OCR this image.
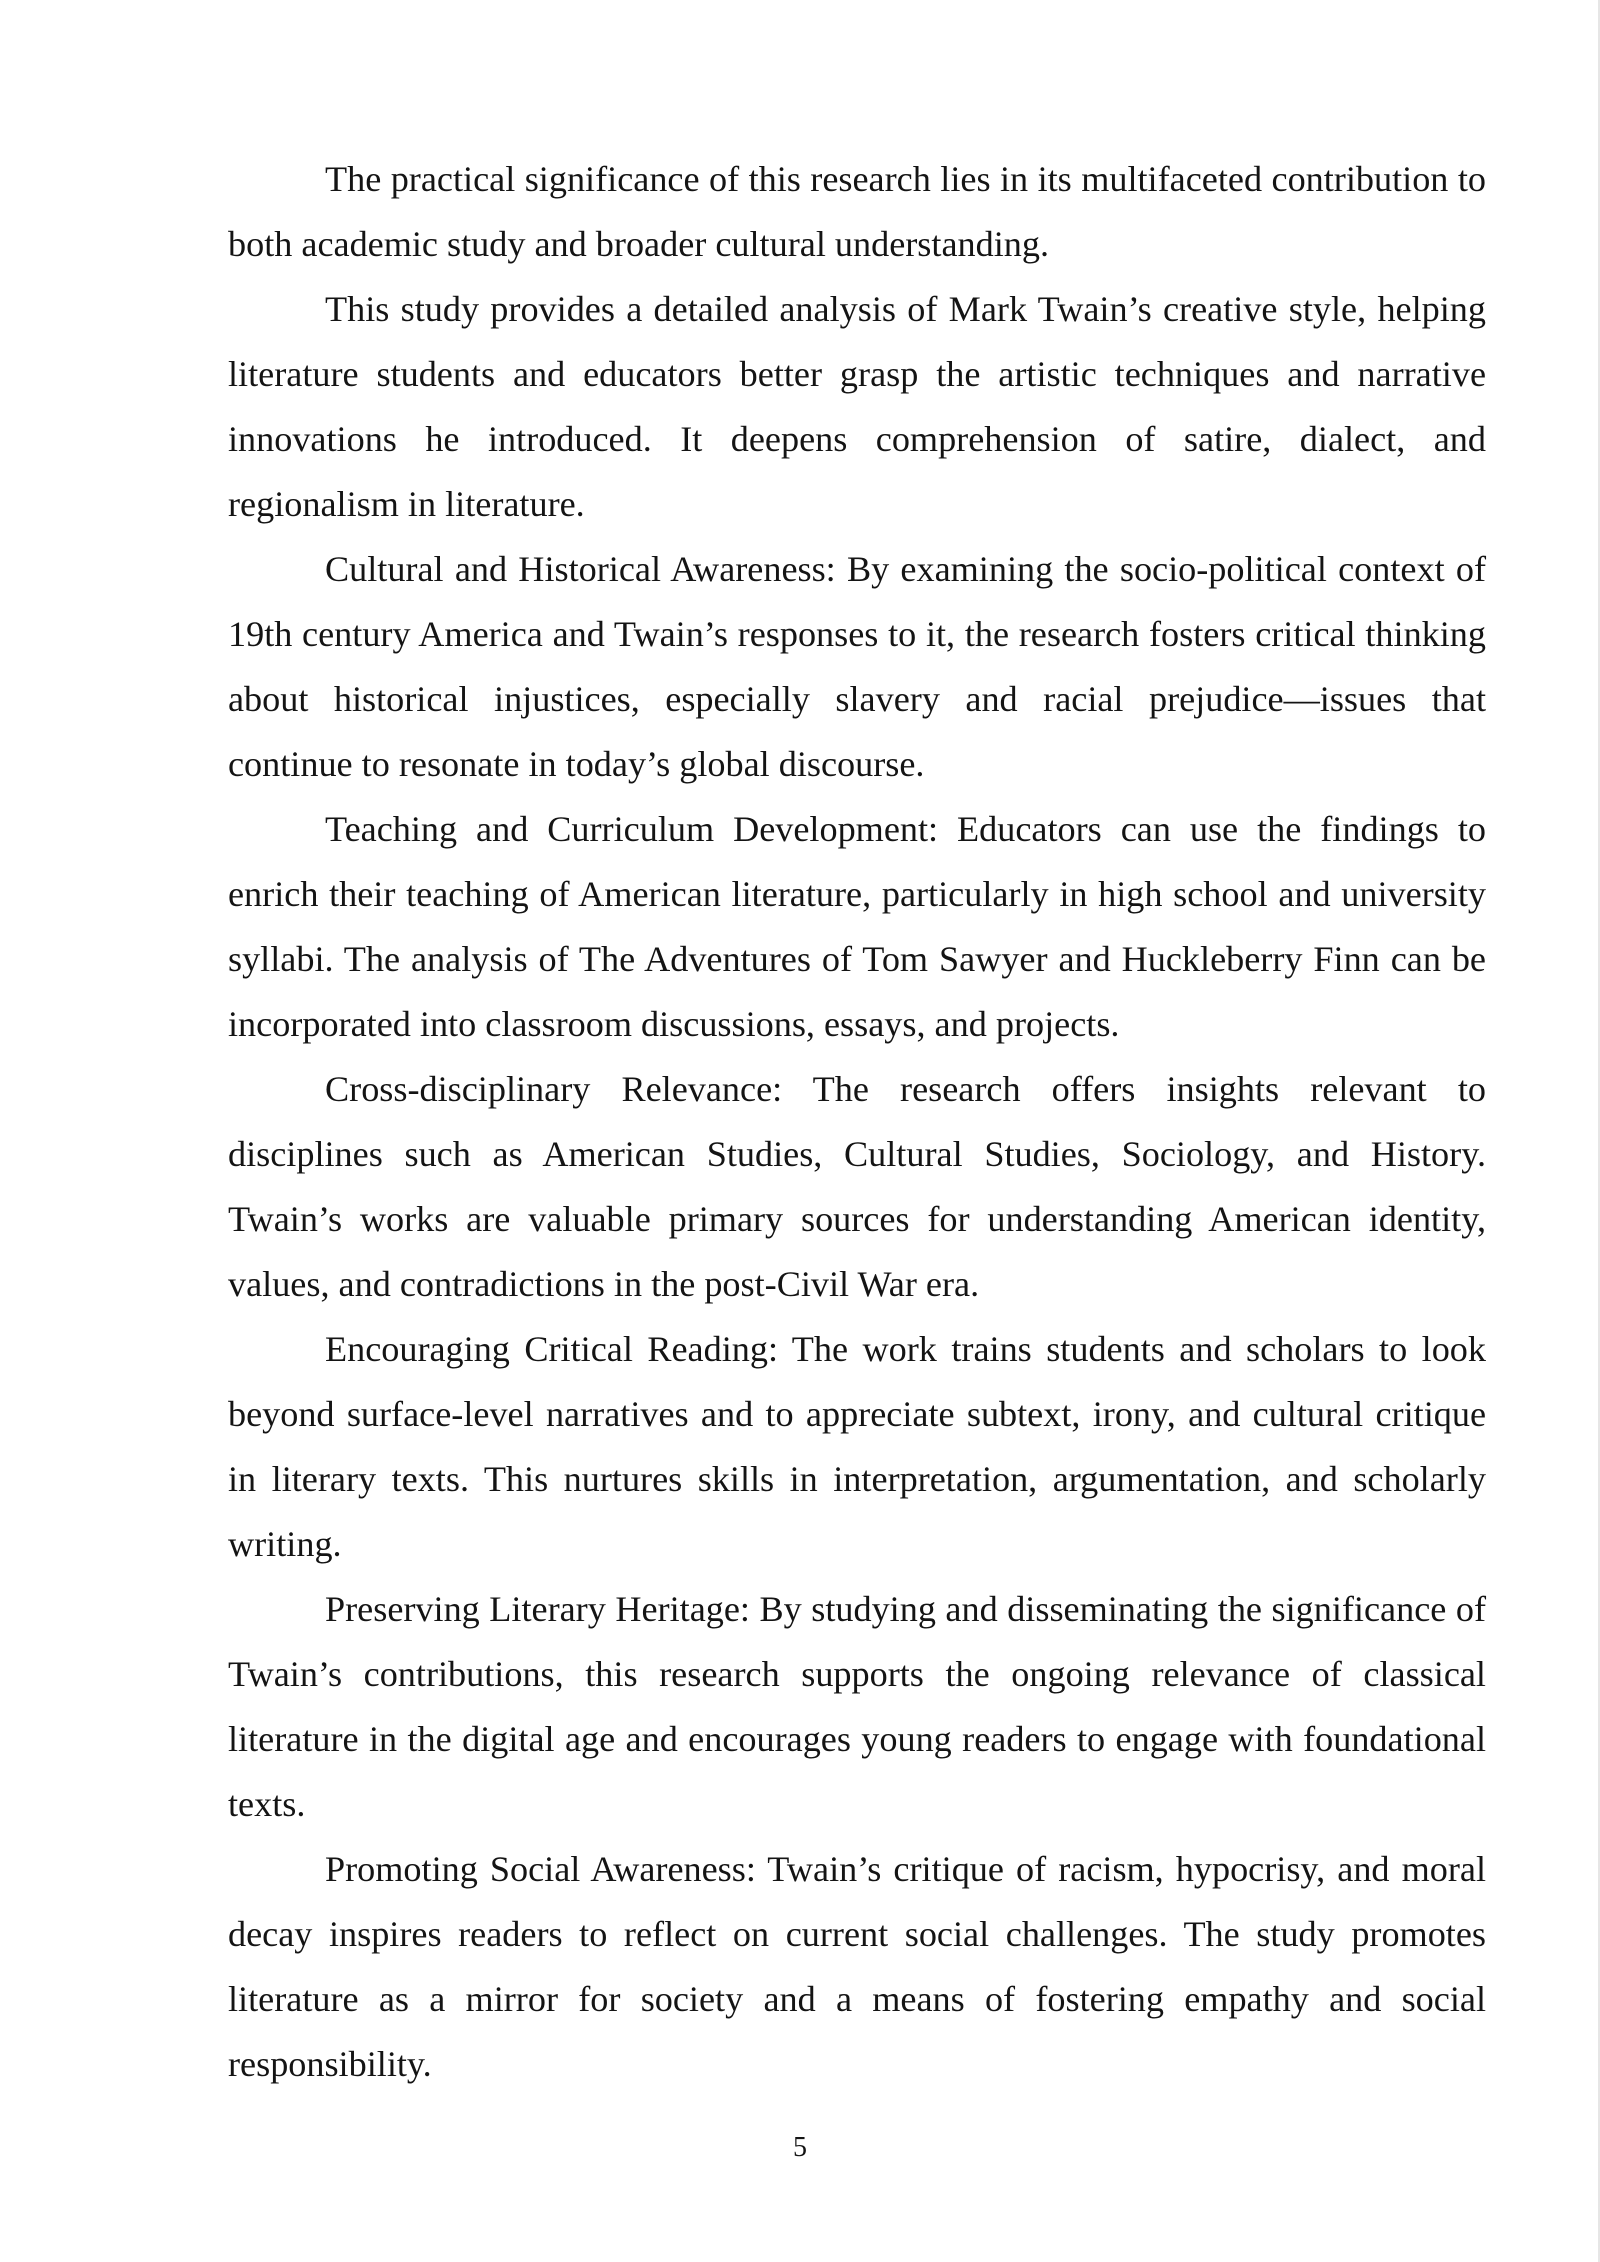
The practical significance of this research lies in its multifaceted contribution to both academic study and broader cultural understanding.

This study provides a detailed analysis of Mark Twain’s creative style, helping literature students and educators better grasp the artistic techniques and narrative innovations he introduced. It deepens comprehension of satire, dialect, and regionalism in literature.

Cultural and Historical Awareness: By examining the socio-political context of 19th century America and Twain’s responses to it, the research fosters critical thinking about historical injustices, especially slavery and racial prejudice—issues that continue to resonate in today’s global discourse.

Teaching and Curriculum Development: Educators can use the findings to enrich their teaching of American literature, particularly in high school and university syllabi. The analysis of The Adventures of Tom Sawyer and Huckleberry Finn can be incorporated into classroom discussions, essays, and projects.

Cross-disciplinary Relevance: The research offers insights relevant to disciplines such as American Studies, Cultural Studies, Sociology, and History. Twain’s works are valuable primary sources for understanding American identity, values, and contradictions in the post-Civil War era.

Encouraging Critical Reading: The work trains students and scholars to look beyond surface-level narratives and to appreciate subtext, irony, and cultural critique in literary texts. This nurtures skills in interpretation, argumentation, and scholarly writing.

Preserving Literary Heritage: By studying and disseminating the significance of Twain’s contributions, this research supports the ongoing relevance of classical literature in the digital age and encourages young readers to engage with foundational texts.

Promoting Social Awareness: Twain’s critique of racism, hypocrisy, and moral decay inspires readers to reflect on current social challenges. The study promotes literature as a mirror for society and a means of fostering empathy and social responsibility.

5
